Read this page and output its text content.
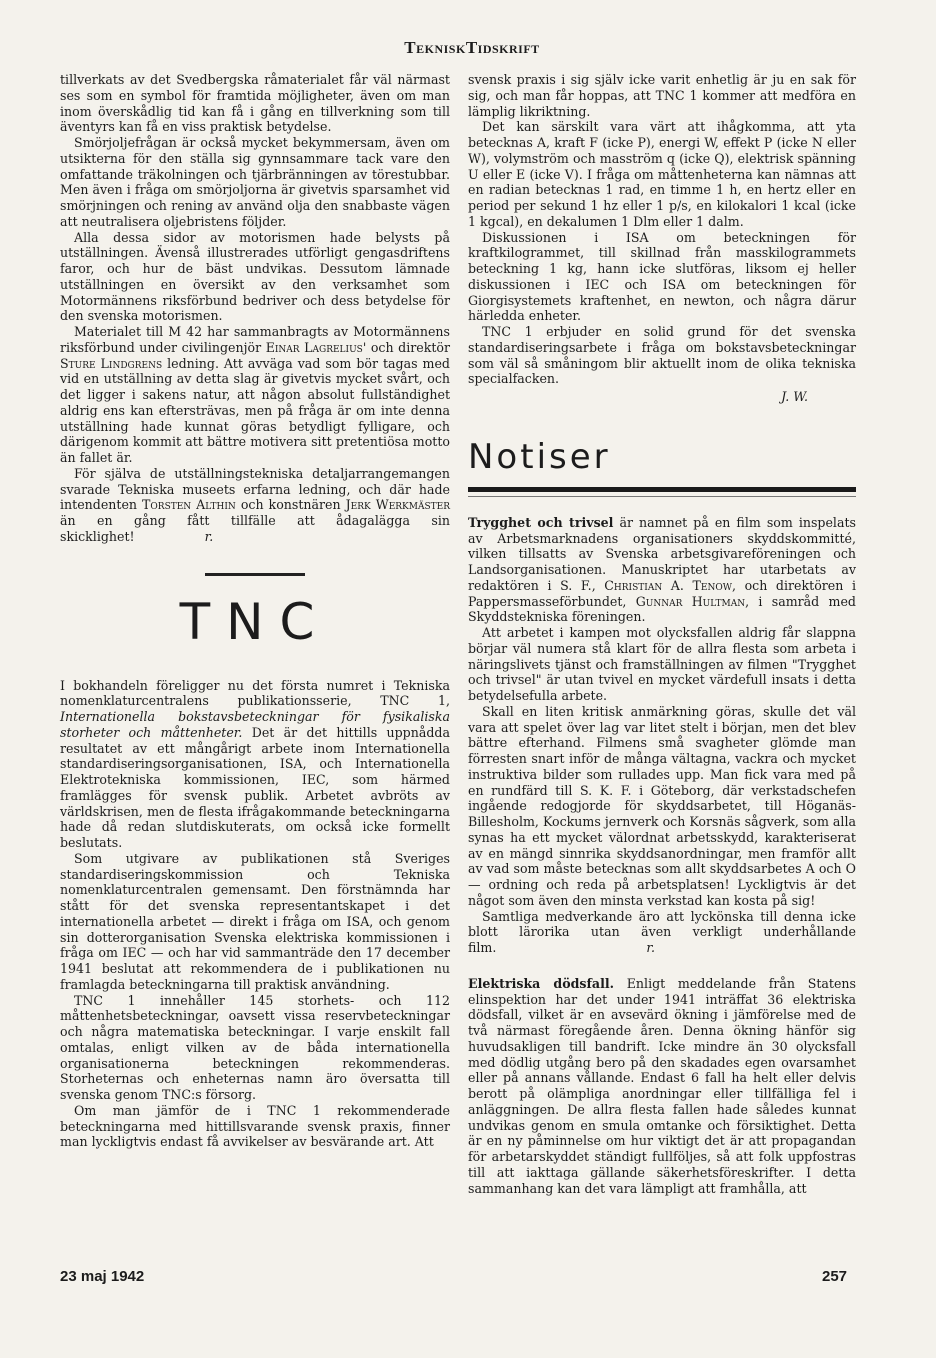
TekniskTidskrift

tillverkats av det Svedbergska råmaterialet får väl närmast ses som en symbol för framtida möjligheter, även om man inom överskådlig tid kan få i gång en tillverkning som till äventyrs kan få en viss praktisk betydelse.

Smörjoljefrågan är också mycket bekymmersam, även om utsikterna för den ställa sig gynnsammare tack vare den omfattande träkolningen och tjärbränningen av törestubbar. Men även i fråga om smörjoljorna är givetvis sparsamhet vid smörjningen och rening av använd olja den snabbaste vägen att neutralisera oljebristens följder.

Alla dessa sidor av motorismen hade belysts på utställningen. Ävenså illustrerades utförligt gengasdriftens faror, och hur de bäst undvikas. Dessutom lämnade utställningen en översikt av den verksamhet som Motormännens riksförbund bedriver och dess betydelse för den svenska motorismen.

Materialet till M 42 har sammanbragts av Motormännens riksförbund under civilingenjör Einar Lagrelius' och direktör Sture Lindgrens ledning. Att avväga vad som bör tagas med vid en utställning av detta slag är givetvis mycket svårt, och det ligger i sakens natur, att någon absolut fullständighet aldrig ens kan eftersträvas, men på fråga är om inte denna utställning hade kunnat göras betydligt fylligare, och därigenom kommit att bättre motivera sitt pretentiösa motto än fallet är.

För själva de utställningstekniska detaljarrangemangen svarade Tekniska museets erfarna ledning, och där hade intendenten Torsten Althin och konstnären Jerk Werkmäster än en gång fått tillfälle att ådagalägga sin skicklighet!	r.

TNC

I bokhandeln föreligger nu det första numret i Tekniska nomenklaturcentralens publikationsserie, TNC 1, Internationella bokstavsbeteckningar för fysikaliska storheter och måttenheter. Det är det hittills uppnådda resultatet av ett mångårigt arbete inom Internationella standardiseringsorganisationen, ISA, och Internationella Elektrotekniska kommissionen, IEC, som härmed framlägges för svensk publik. Arbetet avbröts av världskrisen, men de flesta ifrågakommande beteckningarna hade då redan slutdiskuterats, om också icke formellt beslutats.

Som utgivare av publikationen stå Sveriges standardiseringskommission och Tekniska nomenklaturcentralen gemensamt. Den förstnämnda har stått för det svenska representantskapet i det internationella arbetet — direkt i fråga om ISA, och genom sin dotterorganisation Svenska elektriska kommissionen i fråga om IEC — och har vid sammanträde den 17 december 1941 beslutat att rekommendera de i publikationen nu framlagda beteckningarna till praktisk användning.

TNC 1 innehåller 145 storhets- och 112 måttenhetsbeteckningar, oavsett vissa reservbeteckningar och några matematiska beteckningar. I varje enskilt fall omtalas, enligt vilken av de båda internationella organisationerna beteckningen rekommenderas. Storheternas och enheternas namn äro översatta till svenska genom TNC:s försorg.

Om man jämför de i TNC 1 rekommenderade beteckningarna med hittillsvarande svensk praxis, finner man lyckligtvis endast få avvikelser av besvärande art. Att

svensk praxis i sig själv icke varit enhetlig är ju en sak för sig, och man får hoppas, att TNC 1 kommer att medföra en lämplig likriktning.

Det kan särskilt vara värt att ihågkomma, att yta betecknas A, kraft F (icke P), energi W, effekt P (icke N eller W), volymström och masström q (icke Q), elektrisk spänning U eller E (icke V). I fråga om måttenheterna kan nämnas att en radian betecknas 1 rad, en timme 1 h, en hertz eller en period per sekund 1 hz eller 1 p/s, en kilokalori 1 kcal (icke 1 kgcal), en dekalumen 1 Dlm eller 1 dalm.

Diskussionen i ISA om beteckningen för kraftkilogrammet, till skillnad från masskilogrammets beteckning 1 kg, hann icke slutföras, liksom ej heller diskussionen i IEC och ISA om beteckningen för Giorgisystemets kraftenhet, en newton, och några därur härledda enheter.

TNC 1 erbjuder en solid grund för det svenska standardiseringsarbete i fråga om bokstavsbeteckningar som väl så småningom blir aktuellt inom de olika tekniska specialfacken.

J. W.

Notiser

Trygghet och trivsel är namnet på en film som inspelats av Arbetsmarknadens organisationers skyddskommitté, vilken tillsatts av Svenska arbetsgivareföreningen och Landsorganisationen. Manuskriptet har utarbetats av redaktören i S. F., Christian A. Tenow, och direktören i Pappersmasseförbundet, Gunnar Hultman, i samråd med Skyddstekniska föreningen.

Att arbetet i kampen mot olycksfallen aldrig får slappna börjar väl numera stå klart för de allra flesta som arbeta i näringslivets tjänst och framställningen av filmen "Trygghet och trivsel" är utan tvivel en mycket värdefull insats i detta betydelsefulla arbete.

Skall en liten kritisk anmärkning göras, skulle det väl vara att spelet över lag var litet stelt i början, men det blev bättre efterhand. Filmens små svagheter glömde man förresten snart inför de många vältagna, vackra och mycket instruktiva bilder som rullades upp. Man fick vara med på en rundfärd till S. K. F. i Göteborg, där verkstadschefen ingående redogjorde för skyddsarbetet, till Höganäs-Billesholm, Kockums jernverk och Korsnäs sågverk, som alla synas ha ett mycket välordnat arbetsskydd, karakteriserat av en mängd sinnrika skyddsanordningar, men framför allt av vad som måste betecknas som allt skyddsarbetes A och O — ordning och reda på arbetsplatsen! Lyckligtvis är det något som även den minsta verkstad kan kosta på sig!

Samtliga medverkande äro att lyckönska till denna icke blott lärorika utan även verkligt underhållande film.	r.

Elektriska dödsfall. Enligt meddelande från Statens elinspektion har det under 1941 inträffat 36 elektriska dödsfall, vilket är en avsevärd ökning i jämförelse med de två närmast föregående åren. Denna ökning hänför sig huvudsakligen till bandrift. Icke mindre än 30 olycksfall med dödlig utgång bero på den skadades egen ovarsamhet eller på annans vållande. Endast 6 fall ha helt eller delvis berott på olämpliga anordningar eller tillfälliga fel i anläggningen. De allra flesta fallen hade således kunnat undvikas genom en smula omtanke och försiktighet. Detta är en ny påminnelse om hur viktigt det är att propagandan för arbetarskyddet ständigt fullföljes, så att folk uppfostras till att iakttaga gällande säkerhetsföreskrifter. I detta sammanhang kan det vara lämpligt att framhålla, att

23 maj 1942	257
